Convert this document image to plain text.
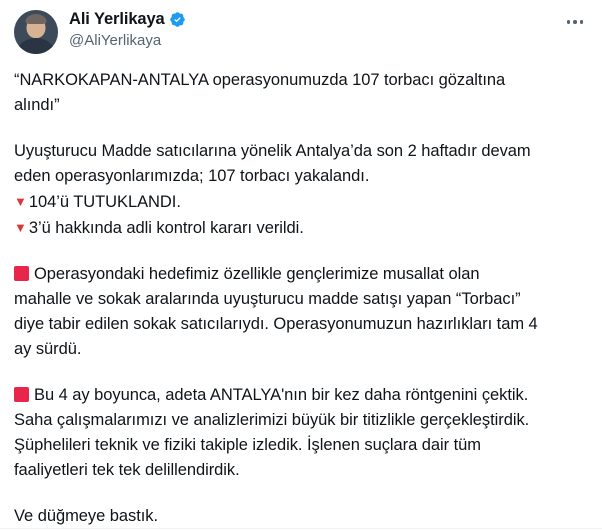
Ali Yerlikaya
@AliYerlikaya

“NARKOKAPAN-ANTALYA operasyonumuzda 107 torbacı gözaltına
alındı”

Uyuşturucu Madde satıcılarına yönelik Antalya’da son 2 haftadır devam
eden operasyonlarımızda; 107 torbacı yakalandı.

▼ 104’ü TUTUKLANDI.

▼ 3’ü hakkında adli kontrol kararı verildi.

Operasyondaki hedefimiz özellikle gençlerimize musallat olan
mahalle ve sokak aralarında uyuşturucu madde satışı yapan “Torbacı”
diye tabir edilen sokak satıcılarıydı. Operasyonumuzun hazırlıkları tam 4
ay sürdü.

Bu 4 ay boyunca, adeta ANTALYA'nın bir kez daha röntgenini çektik.
Saha çalışmalarımızı ve analizlerimizi büyük bir titizlikle gerçekleştirdik.
Şüphelileri teknik ve fiziki takiple izledik. İşlenen suçlara dair tüm
faaliyetleri tek tek delillendirdik.

Ve düğmeye bastık.
